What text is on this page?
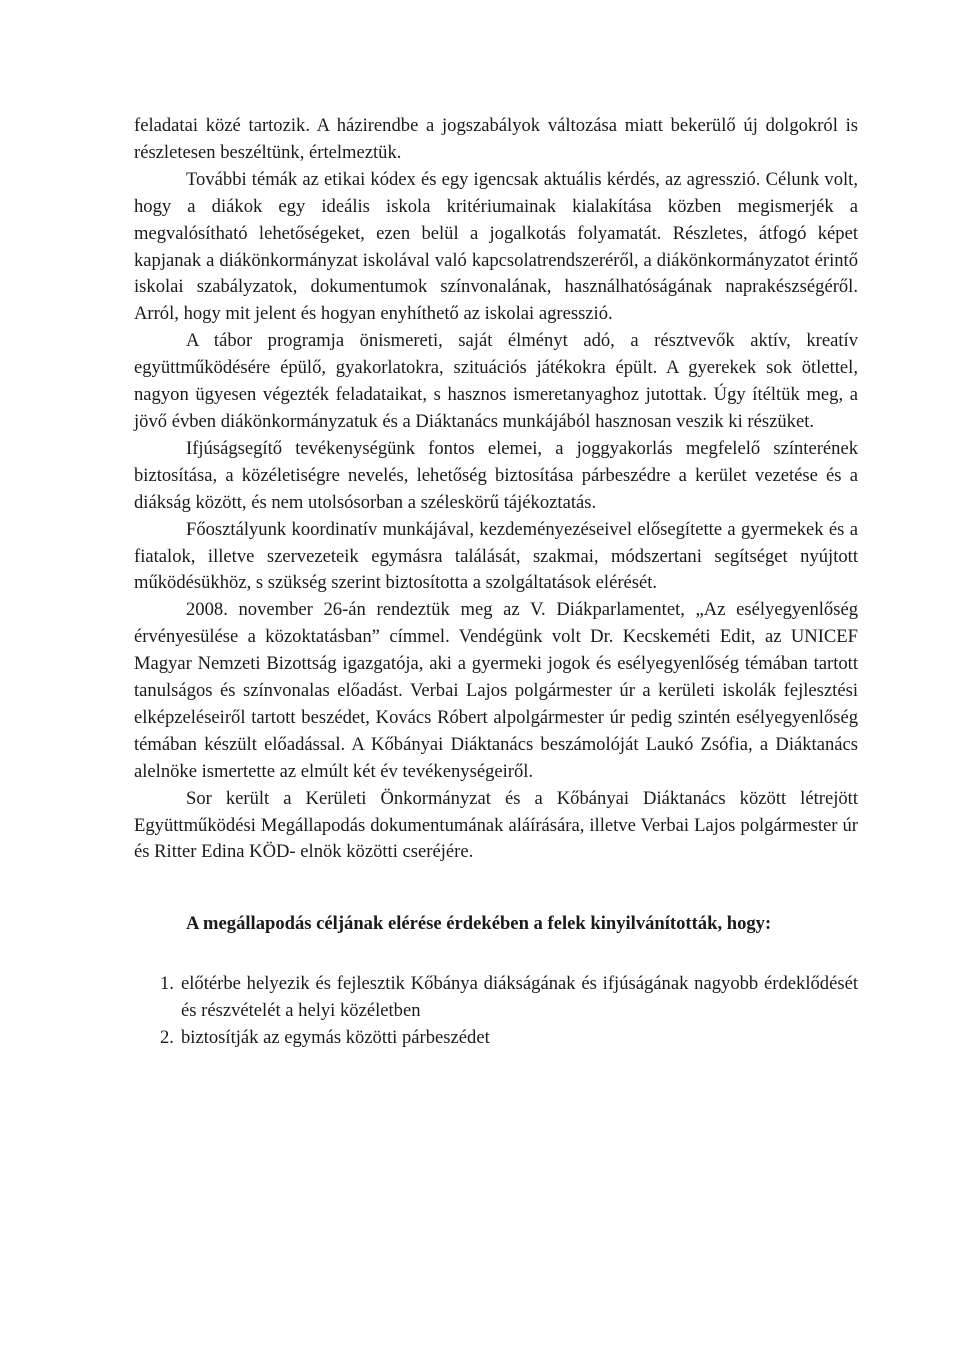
feladatai közé tartozik. A házirendbe a jogszabályok változása miatt bekerülő új dolgokról is részletesen beszéltünk, értelmeztük.

További témák az etikai kódex és egy igencsak aktuális kérdés, az agresszió. Célunk volt, hogy a diákok egy ideális iskola kritériumainak kialakítása közben megismerjék a megvalósítható lehetőségeket, ezen belül a jogalkotás folyamatát. Részletes, átfogó képet kapjanak a diákönkormányzat iskolával való kapcsolatrendszeréről, a diákönkormányzatot érintő iskolai szabályzatok, dokumentumok színvonalának, használhatóságának naprakészségéről. Arról, hogy mit jelent és hogyan enyhíthető az iskolai agresszió.

A tábor programja önismereti, saját élményt adó, a résztvevők aktív, kreatív együttműködésére épülő, gyakorlatokra, szituációs játékokra épült. A gyerekek sok ötlettel, nagyon ügyesen végezték feladataikat, s hasznos ismeretanyaghoz jutottak. Úgy ítéltük meg, a jövő évben diákönkormányzatuk és a Diáktanács munkájából hasznosan veszik ki részüket.

Ifjúságsegítő tevékenységünk fontos elemei, a joggyakorlás megfelelő színterének biztosítása, a közéletiségre nevelés, lehetőség biztosítása párbeszédre a kerület vezetése és a diákság között, és nem utolsósorban a széleskörű tájékoztatás.

Főosztályunk koordinatív munkájával, kezdeményezéseivel elősegítette a gyermekek és a fiatalok, illetve szervezeteik egymásra találását, szakmai, módszertani segítséget nyújtott működésükhöz, s szükség szerint biztosította a szolgáltatások elérését.

2008. november 26-án rendeztük meg az V. Diákparlamentet, „Az esélyegyenlőség érvényesülése a közoktatásban” címmel. Vendégünk volt Dr. Kecskeméti Edit, az UNICEF Magyar Nemzeti Bizottság igazgatója, aki a gyermeki jogok és esélyegyenlőség témában tartott tanulságos és színvonalas előadást. Verbai Lajos polgármester úr a kerületi iskolák fejlesztési elképzeléseiről tartott beszédet, Kovács Róbert alpolgármester úr pedig szintén esélyegyenlőség témában készült előadással. A Kőbányai Diáktanács beszámolóját Laukó Zsófia, a Diáktanács alelnöke ismertette az elmúlt két év tevékenységeiről.

Sor került a Kerületi Önkormányzat és a Kőbányai Diáktanács között létrejött Együttműködési Megállapodás dokumentumának aláírására, illetve Verbai Lajos polgármester úr és Ritter Edina KÖD- elnök közötti cseréjére.

A megállapodás céljának elérése érdekében a felek kinyilvánították, hogy:

1. előtérbe helyezik és fejlesztik Kőbánya diákságának és ifjúságának nagyobb érdeklődését és részvételét a helyi közéletben
2. biztosítják az egymás közötti párbeszédet
